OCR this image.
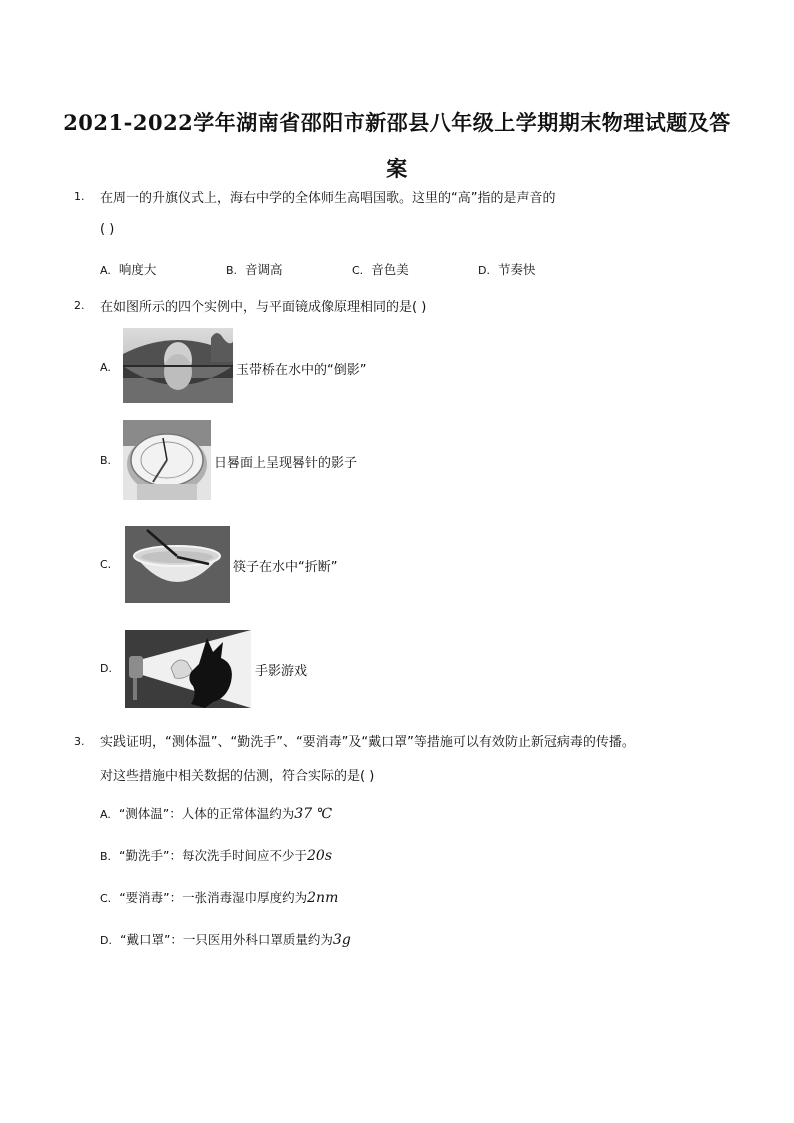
2021-2022学年湖南省邵阳市新邵县八年级上学期期末物理试题及答案
1. 在周一的升旗仪式上，海右中学的全体师生高唱国歌。这里的“高”指的是声音的
( )
A. 响度大	B. 音调高	C. 音色美	D. 节奏快
2. 在如图所示的四个实例中，与平面镜成像原理相同的是( )
A.	玉带桥在水中的“倒影”
B.	日晷面上呈现晷针的影子
C.	筷子在水中“折断”
D.	手影游戏
3. 实践证明，“测体温”、“勤洗手”、“要消毒”及“戴口罩”等措施可以有效防止新冠病毒的传播。
对这些措施中相关数据的估测，符合实际的是( )
A. “测体温”：人体的正常体温约为37 ℃
B. “勤洗手”：每次洗手时间应不少于20s
C. “要消毒”：一张消毒湿巾厚度约为2nm
D. “戴口罩”：一只医用外科口罩质量约为3g
